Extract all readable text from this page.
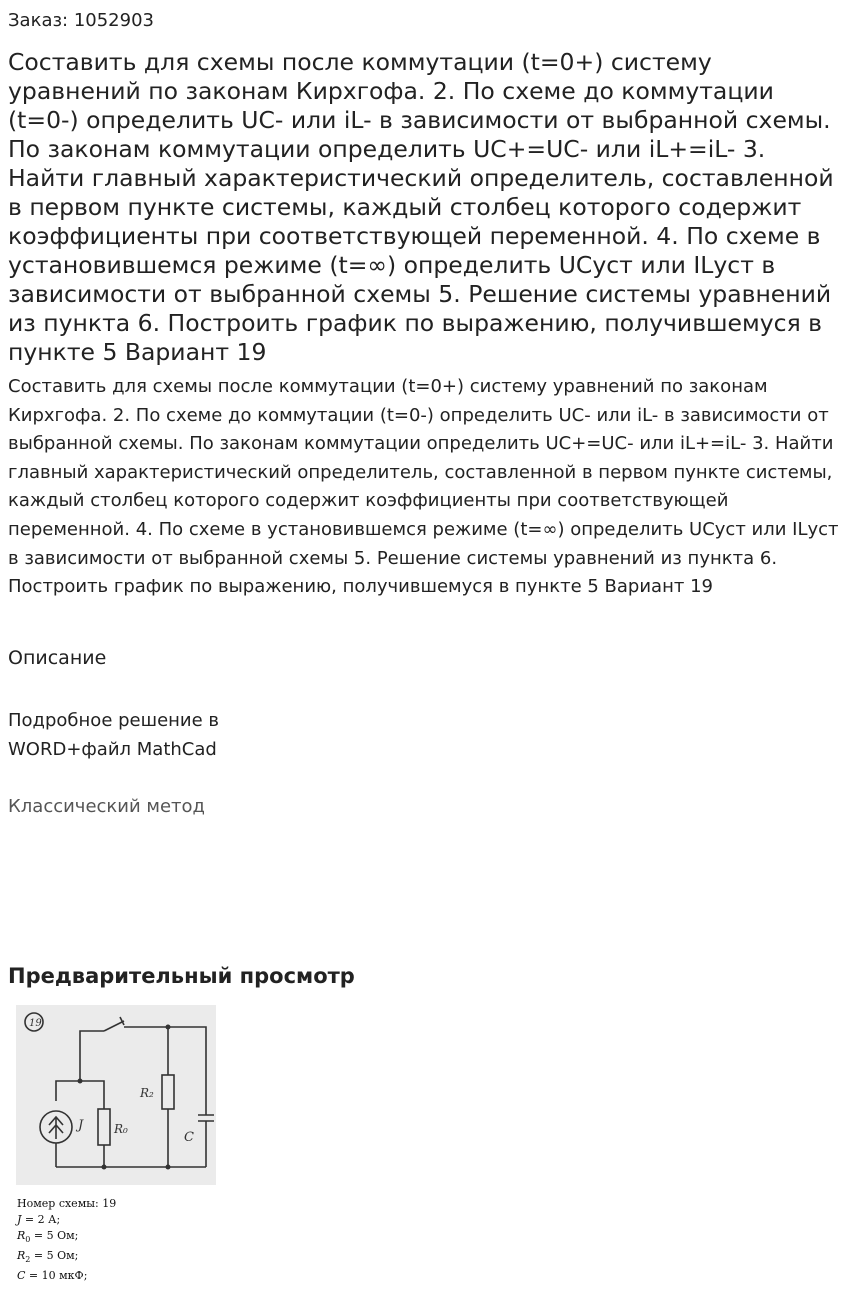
Заказ: 1052903
Составить для схемы после коммутации (t=0+) систему уравнений по законам Кирхгофа. 2. По схеме до коммутации (t=0-) определить UC- или iL- в зависимости от выбранной схемы. По законам коммутации определить UC+=UC- или iL+=iL- 3. Найти главный характеристический определитель, составленной в первом пункте системы, каждый столбец которого содержит коэффициенты при соответствующей переменной. 4. По схеме в установившемся режиме (t=∞) определить UCуст или ILуст в зависимости от выбранной схемы 5. Решение системы уравнений из пункта 6. Построить график по выражению, получившемуся в пункте 5 Вариант 19

Составить для схемы после коммутации (t=0+) систему уравнений по законам Кирхгофа. 2. По схеме до коммутации (t=0-) определить UC- или iL- в зависимости от выбранной схемы. По законам коммутации определить UC+=UC- или iL+=iL- 3. Найти главный характеристический определитель, составленной в первом пункте системы, каждый столбец которого содержит коэффициенты при соответствующей переменной. 4. По схеме в установившемся режиме (t=∞) определить UCуст или ILуст в зависимости от выбранной схемы 5. Решение системы уравнений из пункта 6. Построить график по выражению, получившемуся в пункте 5 Вариант 19

Описание
Подробное решение в WORD+файл MathCad
Классический метод
Предварительный просмотр
19
J	R₀
R₂
C
Номер схемы: 19
J = 2 А;
$R_0 = 5$ Ом;
$R_2 = 5$ Ом;
C = 10 мкФ;
